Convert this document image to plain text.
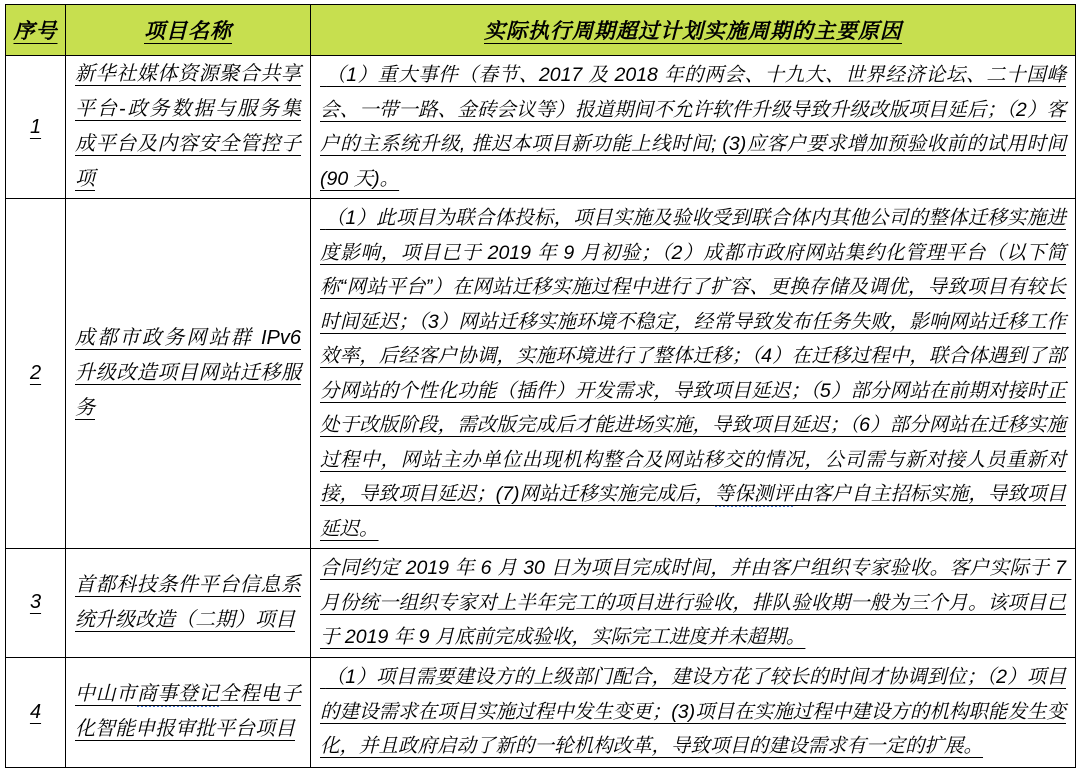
序号	项目名称	实际执行周期超过计划实施周期的主要原因
1	新华社媒体资源聚合共享平台-政务数据与服务集成平台及内容安全管控子项	（1）重大事件（春节、2017 及 2018 年的两会、十九大、世界经济论坛、二十国峰会、一带一路、金砖会议等）报道期间不允许软件升级导致升级改版项目延后；（2）客户的主系统升级, 推迟本项目新功能上线时间; (3)应客户要求增加预验收前的试用时间(90 天)。
2	成都市政务网站群 IPv6 升级改造项目网站迁移服务	（1）此项目为联合体投标，项目实施及验收受到联合体内其他公司的整体迁移实施进度影响，项目已于 2019 年 9 月初验；（2）成都市政府网站集约化管理平台（以下简称“网站平台”）在网站迁移实施过程中进行了扩容、更换存储及调优，导致项目有较长时间延迟；（3）网站迁移实施环境不稳定，经常导致发布任务失败，影响网站迁移工作效率，后经客户协调，实施环境进行了整体迁移；（4）在迁移过程中，联合体遇到了部分网站的个性化功能（插件）开发需求，导致项目延迟；（5）部分网站在前期对接时正处于改版阶段，需改版完成后才能进场实施，导致项目延迟；（6）部分网站在迁移实施过程中，网站主办单位出现机构整合及网站移交的情况，公司需与新对接人员重新对接，导致项目延迟；(7)网站迁移实施完成后，等保测评由客户自主招标实施，导致项目延迟。
3	首都科技条件平台信息系统升级改造（二期）项目	合同约定 2019 年 6 月 30 日为项目完成时间，并由客户组织专家验收。客户实际于 7 月份统一组织专家对上半年完工的项目进行验收，排队验收期一般为三个月。该项目已于 2019 年 9 月底前完成验收，实际完工进度并未超期。
4	中山市商事登记全程电子化智能申报审批平台项目	（1）项目需要建设方的上级部门配合，建设方花了较长的时间才协调到位；（2）项目的建设需求在项目实施过程中发生变更；(3)项目在实施过程中建设方的机构职能发生变化，并且政府启动了新的一轮机构改革，导致项目的建设需求有一定的扩展。
